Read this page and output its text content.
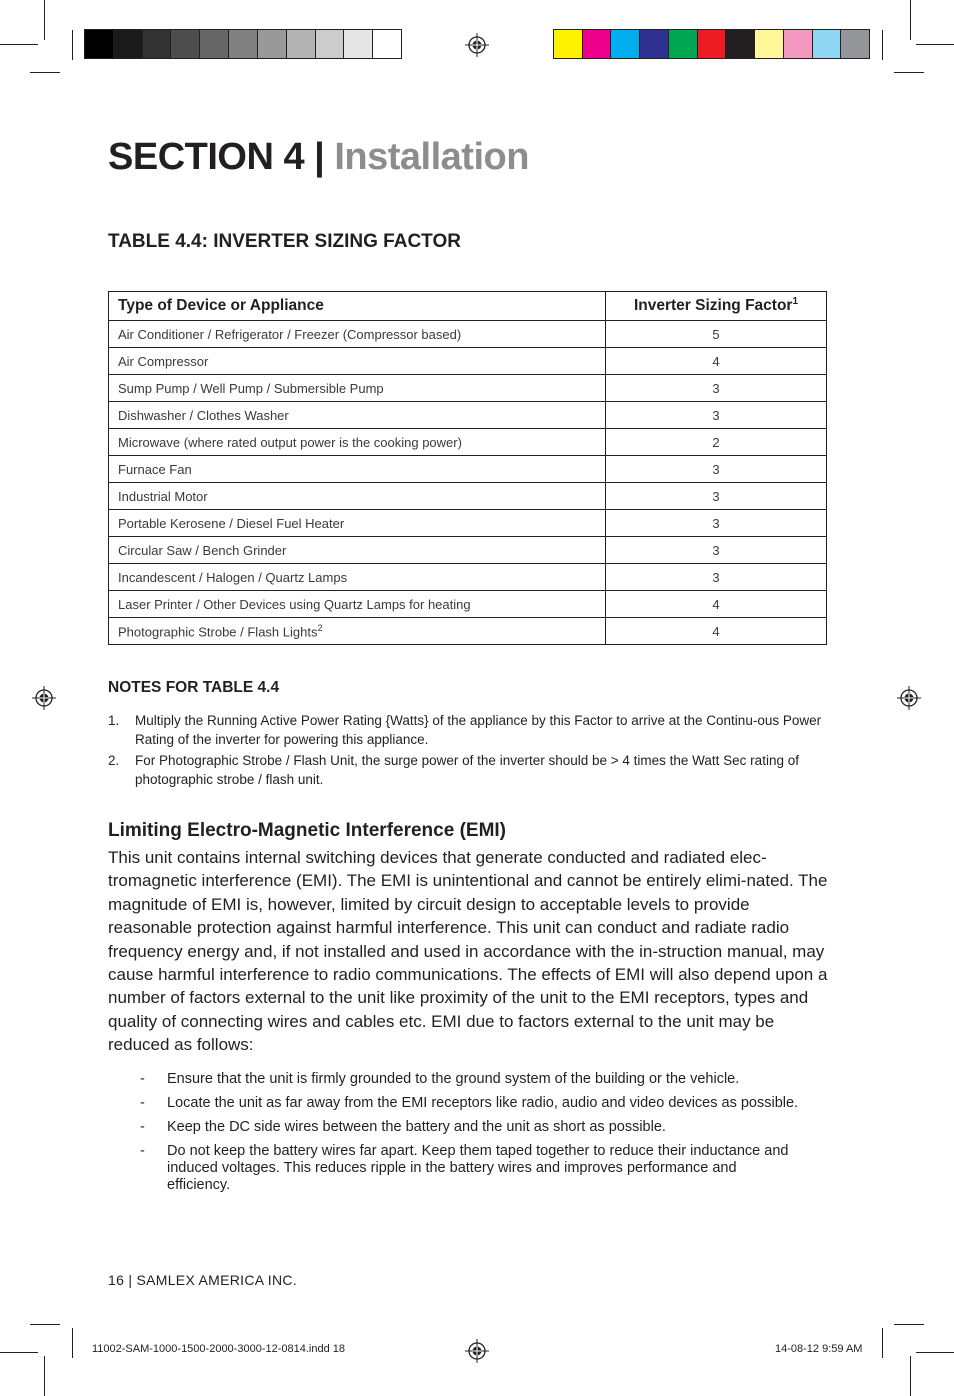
SECTION 4 | Installation
TABLE 4.4: INVERTER SIZING FACTOR
Type of Device or Appliance	Inverter Sizing Factor$^1$
Air Conditioner / Refrigerator / Freezer (Compressor based)	5
Air Compressor	4
Sump Pump / Well Pump / Submersible Pump	3
Dishwasher / Clothes Washer	3
Microwave (where rated output power is the cooking power)	2
Furnace Fan	3
Industrial Motor	3
Portable Kerosene / Diesel Fuel Heater	3
Circular Saw / Bench Grinder	3
Incandescent / Halogen / Quartz Lamps	3
Laser Printer / Other Devices using Quartz Lamps for heating	4
Photographic Strobe / Flash Lights$^2$	4
NOTES FOR TABLE 4.4
1. Multiply the Running Active Power Rating {Watts} of the appliance by this Factor to arrive at the Continu-ous Power Rating of the inverter for powering this appliance.
2. For Photographic Strobe / Flash Unit, the surge power of the inverter should be > 4 times the Watt Sec rating of photographic strobe / flash unit.
Limiting Electro-Magnetic Interference (EMI)

This unit contains internal switching devices that generate conducted and radiated elec-tromagnetic interference (EMI). The EMI is unintentional and cannot be entirely elimi-nated. The magnitude of EMI is, however, limited by circuit design to acceptable levels to provide reasonable protection against harmful interference. This unit can conduct and radiate radio frequency energy and, if not installed and used in accordance with the in-struction manual, may cause harmful interference to radio communications. The effects of EMI will also depend upon a number of factors external to the unit like proximity of the unit to the EMI receptors, types and quality of connecting wires and cables etc. EMI due to factors external to the unit may be reduced as follows:

- Ensure that the unit is firmly grounded to the ground system of the building or the vehicle.
- Locate the unit as far away from the EMI receptors like radio, audio and video devices as possible.
- Keep the DC side wires between the battery and the unit as short as possible.
- Do not keep the battery wires far apart. Keep them taped together to reduce their inductance and induced voltages. This reduces ripple in the battery wires and improves performance and efficiency.
16 | SAMLEX AMERICA INC.
11002-SAM-1000-1500-2000-3000-12-0814.indd 18	14-08-12 9:59 AM
